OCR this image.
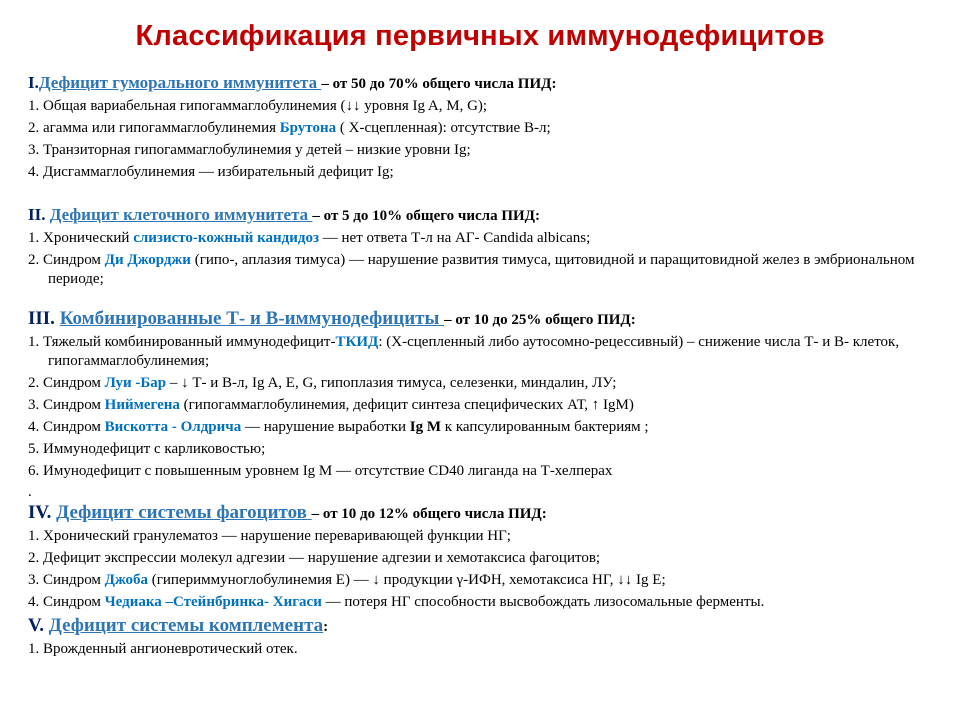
Классификация первичных иммунодефицитов
I.Дефицит гуморального иммунитета – от 50 до 70% общего числа ПИД:
1. Общая вариабельная гипогаммаглобулинемия (↓↓ уровня Ig A, M, G);
2. агамма или гипогаммаглобулинемия Брутона ( Х-сцепленная): отсутствие В-л;
3. Транзиторная гипогаммаглобулинемия у детей – низкие уровни Ig;
4. Дисгаммаглобулинемия — избирательный дефицит Ig;
II. Дефицит клеточного иммунитета – от 5 до 10% общего числа ПИД:
1. Хронический слизисто-кожный кандидоз — нет ответа Т-л на АГ- Candida albicans;
2. Синдром Ди Джорджи (гипо-, аплазия тимуса) — нарушение развития тимуса, щитовидной и паращитовидной желез в эмбриональном периоде;
III. Комбинированные Т- и В-иммунодефициты – от 10 до 25% общего ПИД:
1. Тяжелый комбинированный иммунодефицит-ТКИД: (Х-сцепленный либо аутосомно-рецессивный) – снижение числа Т- и В- клеток, гипогаммаглобулинемия;
2. Синдром Луи -Бар – ↓ Т- и В-л, Ig A, E, G, гипоплазия тимуса, селезенки, миндалин, ЛУ;
3. Синдром Ниймегена (гипогаммаглобулинемия, дефицит синтеза специфических АТ, ↑ IgM)
4. Синдром Вискотта - Олдрича — нарушение выработки Ig M к капсулированным бактериям ;
5. Иммунодефицит с карликовостью;
6. Имунодефицит с повышенным уровнем Ig M — отсутствие CD40 лиганда на Т-хелперах
.
IV. Дефицит системы фагоцитов – от 10 до 12% общего числа ПИД:
1. Хронический гранулематоз — нарушение переваривающей функции НГ;
2. Дефицит экспрессии молекул адгезии — нарушение адгезии и хемотаксиса фагоцитов;
3. Синдром Джоба (гипериммуноглобулинемия Е) — ↓ продукции γ-ИФН, хемотаксиса НГ, ↓↓ Ig E;
4. Синдром Чедиака –Стейнбринка- Хигаси — потеря НГ способности высвобождать лизосомальные ферменты.
V. Дефицит системы комплемента:
1. Врожденный ангионевротический отек.
